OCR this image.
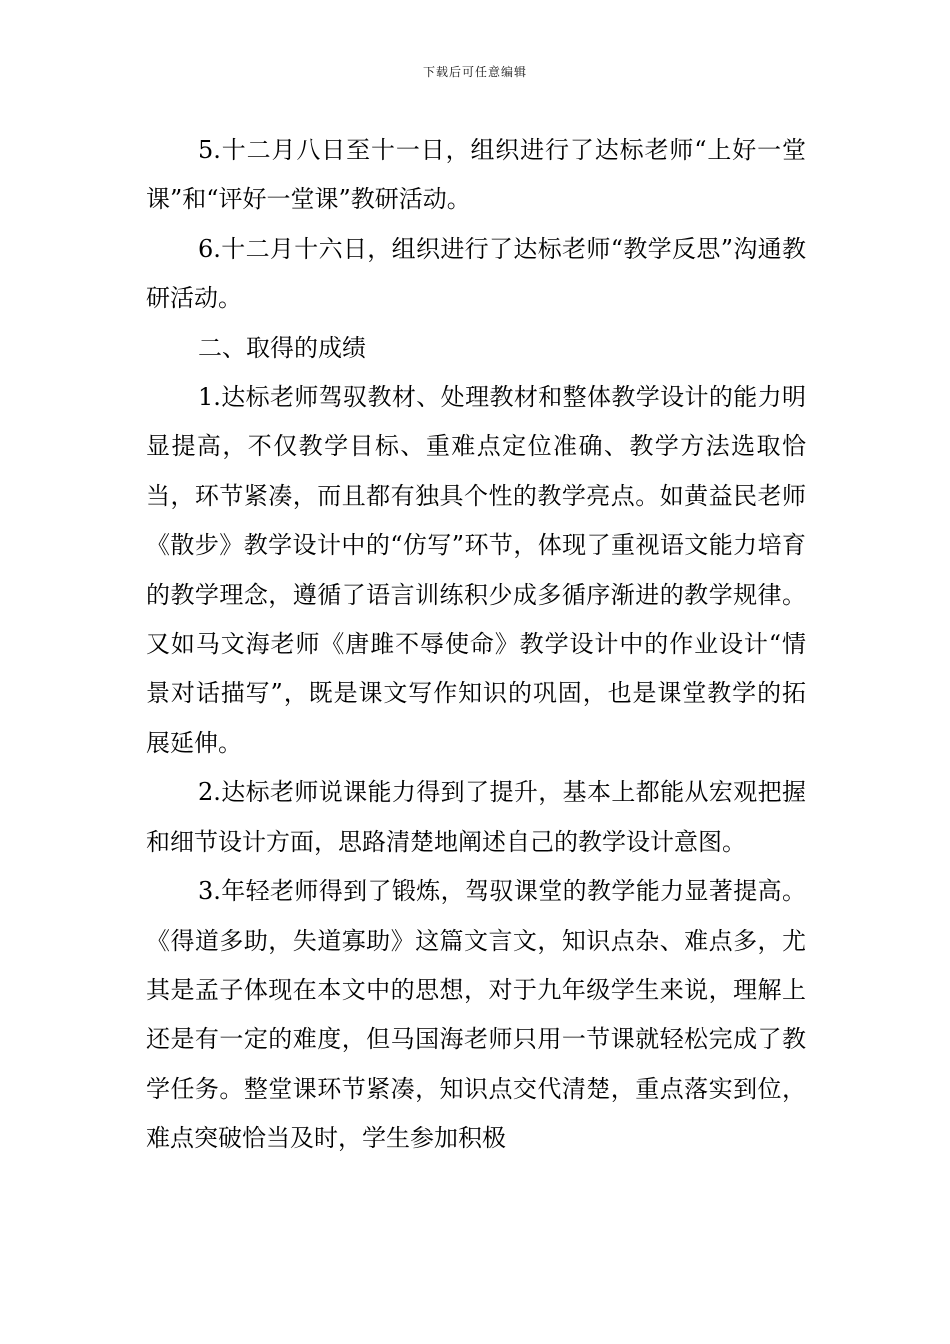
下载后可任意编辑

5.十二月八日至十一日，组织进行了达标老师“上好一堂课”和“评好一堂课”教研活动。

6.十二月十六日，组织进行了达标老师“教学反思”沟通教研活动。

二、取得的成绩

1.达标老师驾驭教材、处理教材和整体教学设计的能力明显提高，不仅教学目标、重难点定位准确、教学方法选取恰当，环节紧凑，而且都有独具个性的教学亮点。如黄益民老师《散步》教学设计中的“仿写”环节，体现了重视语文能力培育的教学理念，遵循了语言训练积少成多循序渐进的教学规律。又如马文海老师《唐雎不辱使命》教学设计中的作业设计“情景对话描写”，既是课文写作知识的巩固，也是课堂教学的拓展延伸。

2.达标老师说课能力得到了提升，基本上都能从宏观把握和细节设计方面，思路清楚地阐述自己的教学设计意图。

3.年轻老师得到了锻炼，驾驭课堂的教学能力显著提高。《得道多助，失道寡助》这篇文言文，知识点杂、难点多，尤其是孟子体现在本文中的思想，对于九年级学生来说，理解上还是有一定的难度，但马国海老师只用一节课就轻松完成了教学任务。整堂课环节紧凑，知识点交代清楚，重点落实到位，难点突破恰当及时，学生参加积极
